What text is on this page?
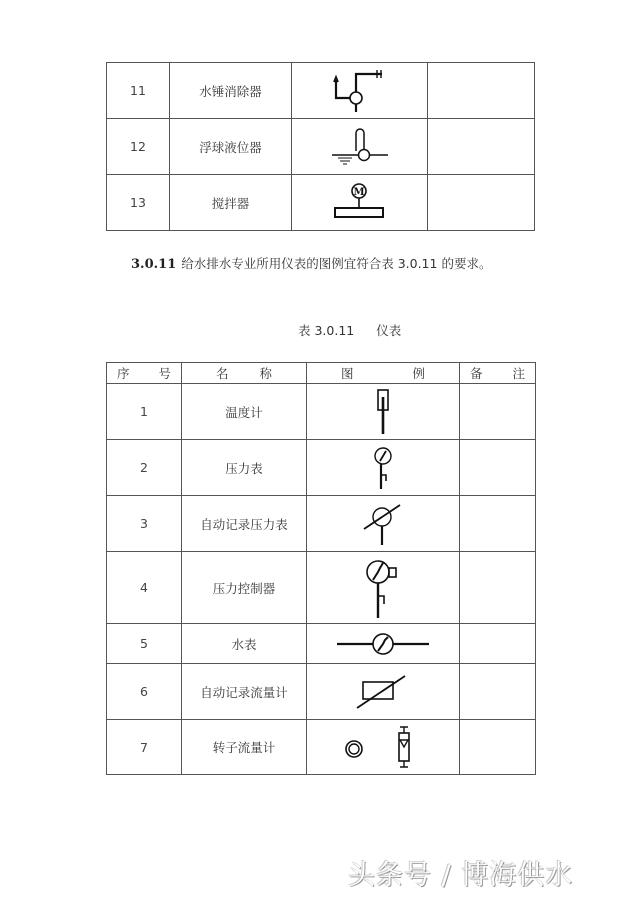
11	水锤消除器	

12	浮球液位器	

13	搅拌器	M	

3.0.11 给水排水专业所用仪表的图例宜符合表 3.0.11 的要求。
表 3.0.11 仪表
序 号	名 称	图 例	备 注

1	温度计	

2	压力表	

3	自动记录压力表	

4	压力控制器	

5	水表	

6	自动记录流量计	

7	转子流量计	

头条号 / 博海供水
